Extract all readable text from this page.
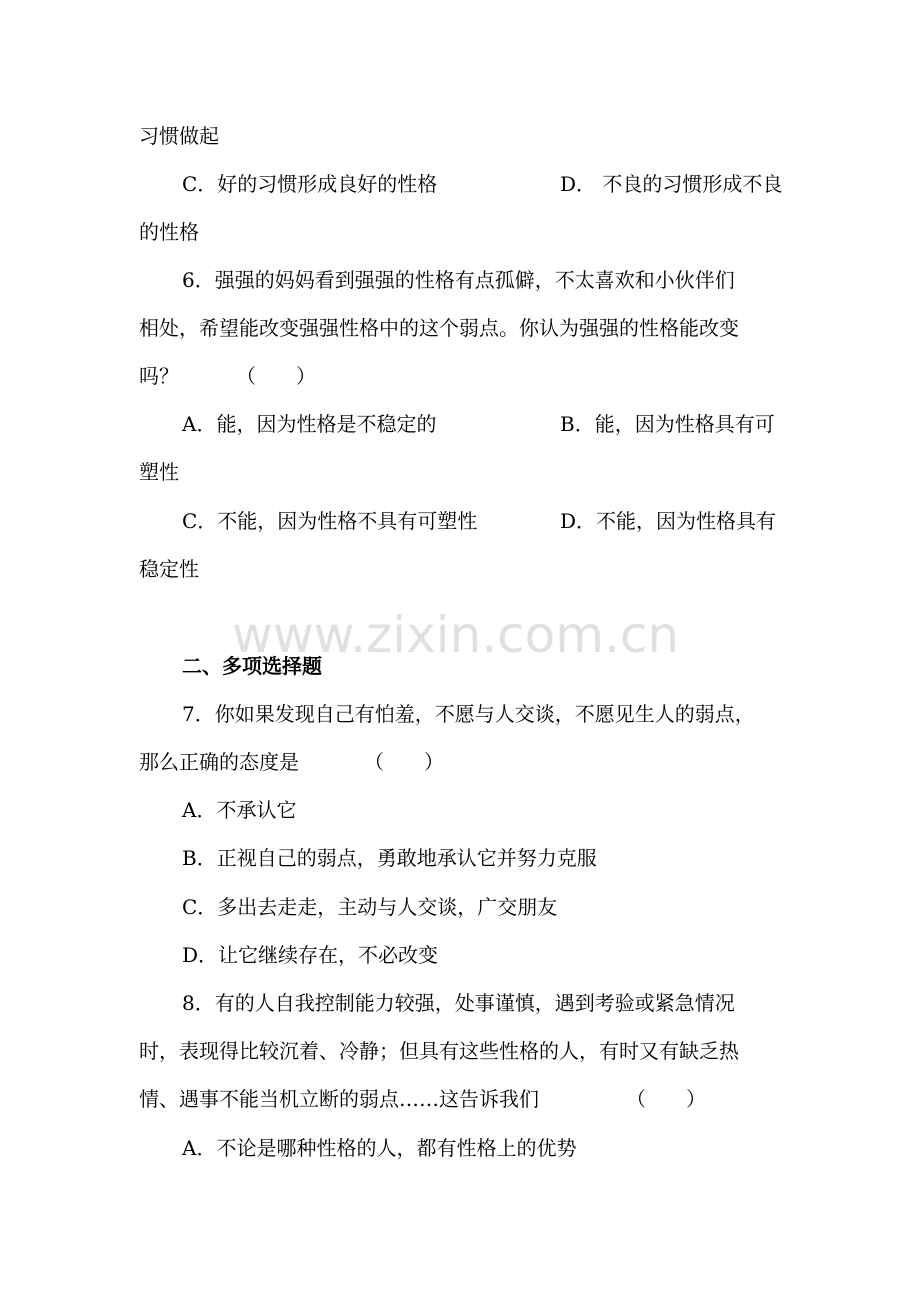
www.zixin.com.cn
习惯做起
C．好的习惯形成良好的性格	D． 不良的习惯形成不良
的性格
6．强强的妈妈看到强强的性格有点孤僻，不太喜欢和小伙伴们
相处，希望能改变强强性格中的这个弱点。你认为强强的性格能改变
吗？	（　　）
A．能，因为性格是不稳定的	B．能，因为性格具有可
塑性
C．不能，因为性格不具有可塑性	D．不能，因为性格具有
稳定性
二、多项选择题
7．你如果发现自己有怕羞，不愿与人交谈，不愿见生人的弱点，
那么正确的态度是	（　　）
A．不承认它
B．正视自己的弱点，勇敢地承认它并努力克服
C．多出去走走，主动与人交谈，广交朋友
D．让它继续存在，不必改变
8．有的人自我控制能力较强，处事谨慎，遇到考验或紧急情况
时，表现得比较沉着、冷静；但具有这些性格的人，有时又有缺乏热
情、遇事不能当机立断的弱点……这告诉我们	（　　）
A．不论是哪种性格的人，都有性格上的优势
